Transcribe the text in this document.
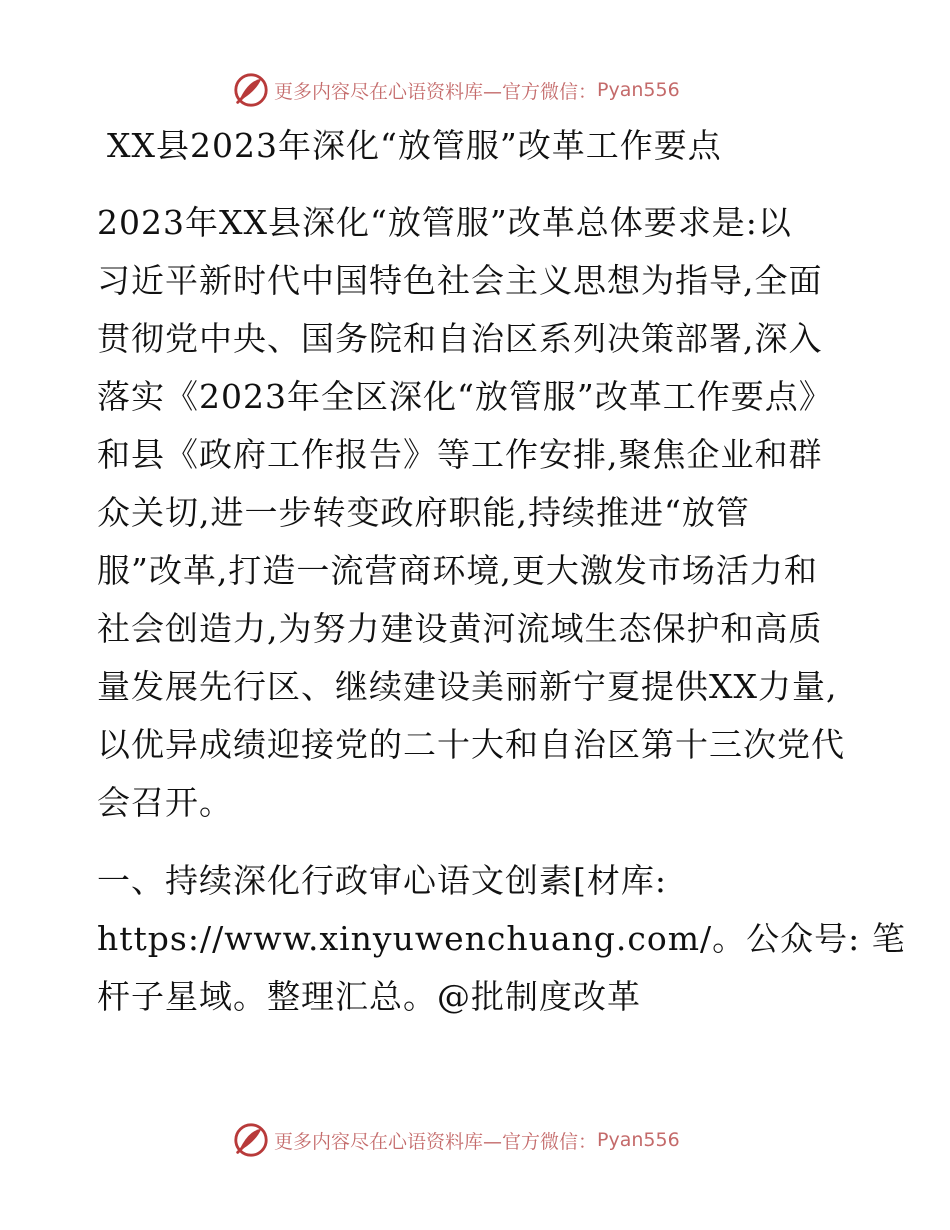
更多内容尽在心语资料库—官方微信： Pyan556
XX县2023年深化“放管服”改革工作要点
2023年XX县深化“放管服”改革总体要求是:以
习近平新时代中国特色社会主义思想为指导,全面
贯彻党中央、国务院和自治区系列决策部署,深入
落实《2023年全区深化“放管服”改革工作要点》
和县《政府工作报告》等工作安排,聚焦企业和群
众关切,进一步转变政府职能,持续推进“放管
服”改革,打造一流营商环境,更大激发市场活力和
社会创造力,为努力建设黄河流域生态保护和高质
量发展先行区、继续建设美丽新宁夏提供XX力量,
以优异成绩迎接党的二十大和自治区第十三次党代
会召开。
一、持续深化行政审心语文创素[材库:
https://www.xinyuwenchuang.com/。公众号: 笔
杆子星域。整理汇总。@批制度改革
更多内容尽在心语资料库—官方微信： Pyan556
